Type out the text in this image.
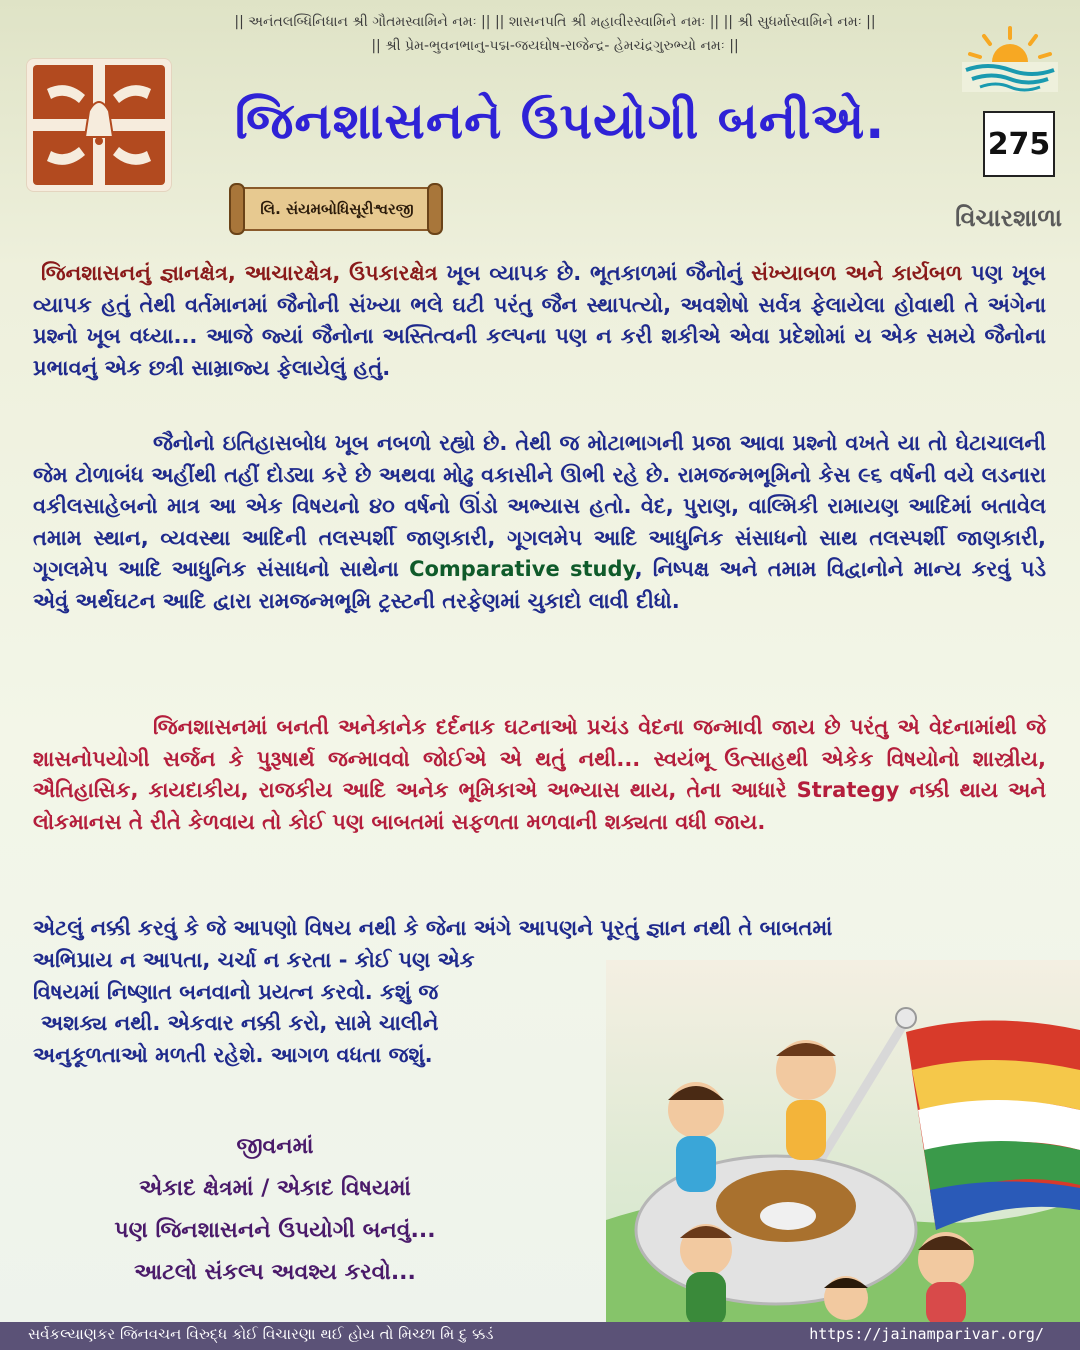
|| અનંતલબ્ધિનિધાન શ્રી ગૌતમસ્વામિને નમઃ || || શાસનપતિ શ્રી મહાવીરસ્વામિને નમઃ || || શ્રી સુધર્માસ્વામિને નમઃ ||
|| શ્રી પ્રેમ-ભુવનભાનુ-પદ્મ-જયઘોષ-રાજેન્દ્ર- હેમચંદ્રગુરુભ્યો નમઃ ||
જિનશાસનને ઉપયોગી બનીએ.	275
લિ. સંયમબોધિસૂરીશ્વરજી	વિચારશાળા

જિનશાસનનું જ્ઞાનક્ષેત્ર, આચારક્ષેત્ર, ઉપકારક્ષેત્ર ખૂબ વ્યાપક છે. ભૂતકાળમાં જૈનોનું સંખ્યાબળ અને કાર્યબળ પણ ખૂબ વ્યાપક હતું તેથી વર્તમાનમાં જૈનોની સંખ્યા ભલે ઘટી પરંતુ જૈન સ્થાપત્યો, અવશેષો સર્વત્ર ફેલાયેલા હોવાથી તે અંગેના પ્રશ્નો ખૂબ વધ્યા... આજે જ્યાં જૈનોના અસ્તિત્વની કલ્પના પણ ન કરી શકીએ એવા પ્રદેશોમાં ય એક સમયે જૈનોના પ્રભાવનું એક છત્રી સામ્રાજ્ય ફેલાયેલું હતું.

જૈનોનો ઇતિહાસબોધ ખૂબ નબળો રહ્યો છે. તેથી જ મોટાભાગની પ્રજા આવા પ્રશ્નો વખતે યા તો ઘેટાચાલની જેમ ટોળાબંધ અહીંથી તહીં દોડ્યા કરે છે અથવા મોઢુ વકાસીને ઊભી રહે છે. રામજન્મભૂમિનો કેસ ૯૬ વર્ષની વયે લડનારા વકીલસાહેબનો માત્ર આ એક વિષયનો ૪૦ વર્ષનો ઊંડો અભ્યાસ હતો. વેદ, પુરાણ, વાલ્મિકી રામાયણ આદિમાં બતાવેલ તમામ સ્થાન, વ્યવસ્થા આદિની તલસ્પર્શી જાણકારી, ગૂગલમેપ આદિ આધુનિક સંસાધનો સાથ તલસ્પર્શી જાણકારી, ગૂગલમેપ આદિ આધુનિક સંસાધનો સાથેના Comparative study, નિષ્પક્ષ અને તમામ વિદ્વાનોને માન્ય કરવું પડે એવું અર્થઘટન આદિ દ્વારા રામજન્મભૂમિ ટ્રસ્ટની તરફેણમાં ચુકાદો લાવી દીધો.

જિનશાસનમાં બનતી અનેકાનેક દર્દનાક ઘટનાઓ પ્રચંડ વેદના જન્માવી જાય છે પરંતુ એ વેદનામાંથી જે શાસનોપયોગી સર્જન કે પુરૂષાર્થ જન્માવવો જોઈએ એ થતું નથી... સ્વયંભૂ ઉત્સાહથી એકેક વિષયોનો શાસ્ત્રીય, ઐતિહાસિક, કાયદાકીય, રાજકીય આદિ અનેક ભૂમિકાએ અભ્યાસ થાય, તેના આધારે Strategy નક્કી થાય અને લોકમાનસ તે રીતે કેળવાય તો કોઈ પણ બાબતમાં સફળતા મળવાની શક્યતા વધી જાય.

એટલું નક્કી કરવું કે જે આપણો વિષય નથી કે જેના અંગે આપણને પૂરતું જ્ઞાન નથી તે બાબતમાં
અભિપ્રાય ન આપતા, ચર્ચા ન કરતા - કોઈ પણ એક
વિષયમાં નિષ્ણાત બનવાનો પ્રયત્ન કરવો. કશું જ
અશક્ય નથી. એકવાર નક્કી કરો, સામે ચાલીને
અનુકૂળતાઓ મળતી રહેશે. આગળ વધતા જશું.
જીવનમાં
એકાદ ક્ષેત્રમાં / એકાદ વિષયમાં
પણ જિનશાસનને ઉપયોગી બનવું...
આટલો સંકલ્પ અવશ્ય કરવો...
સર્વકલ્યાણકર જિનવચન વિરુદ્ધ કોઈ વિચારણા થઈ હોય તો મિચ્છા મિ દુ ક્કડં	https://jainamparivar.org/
